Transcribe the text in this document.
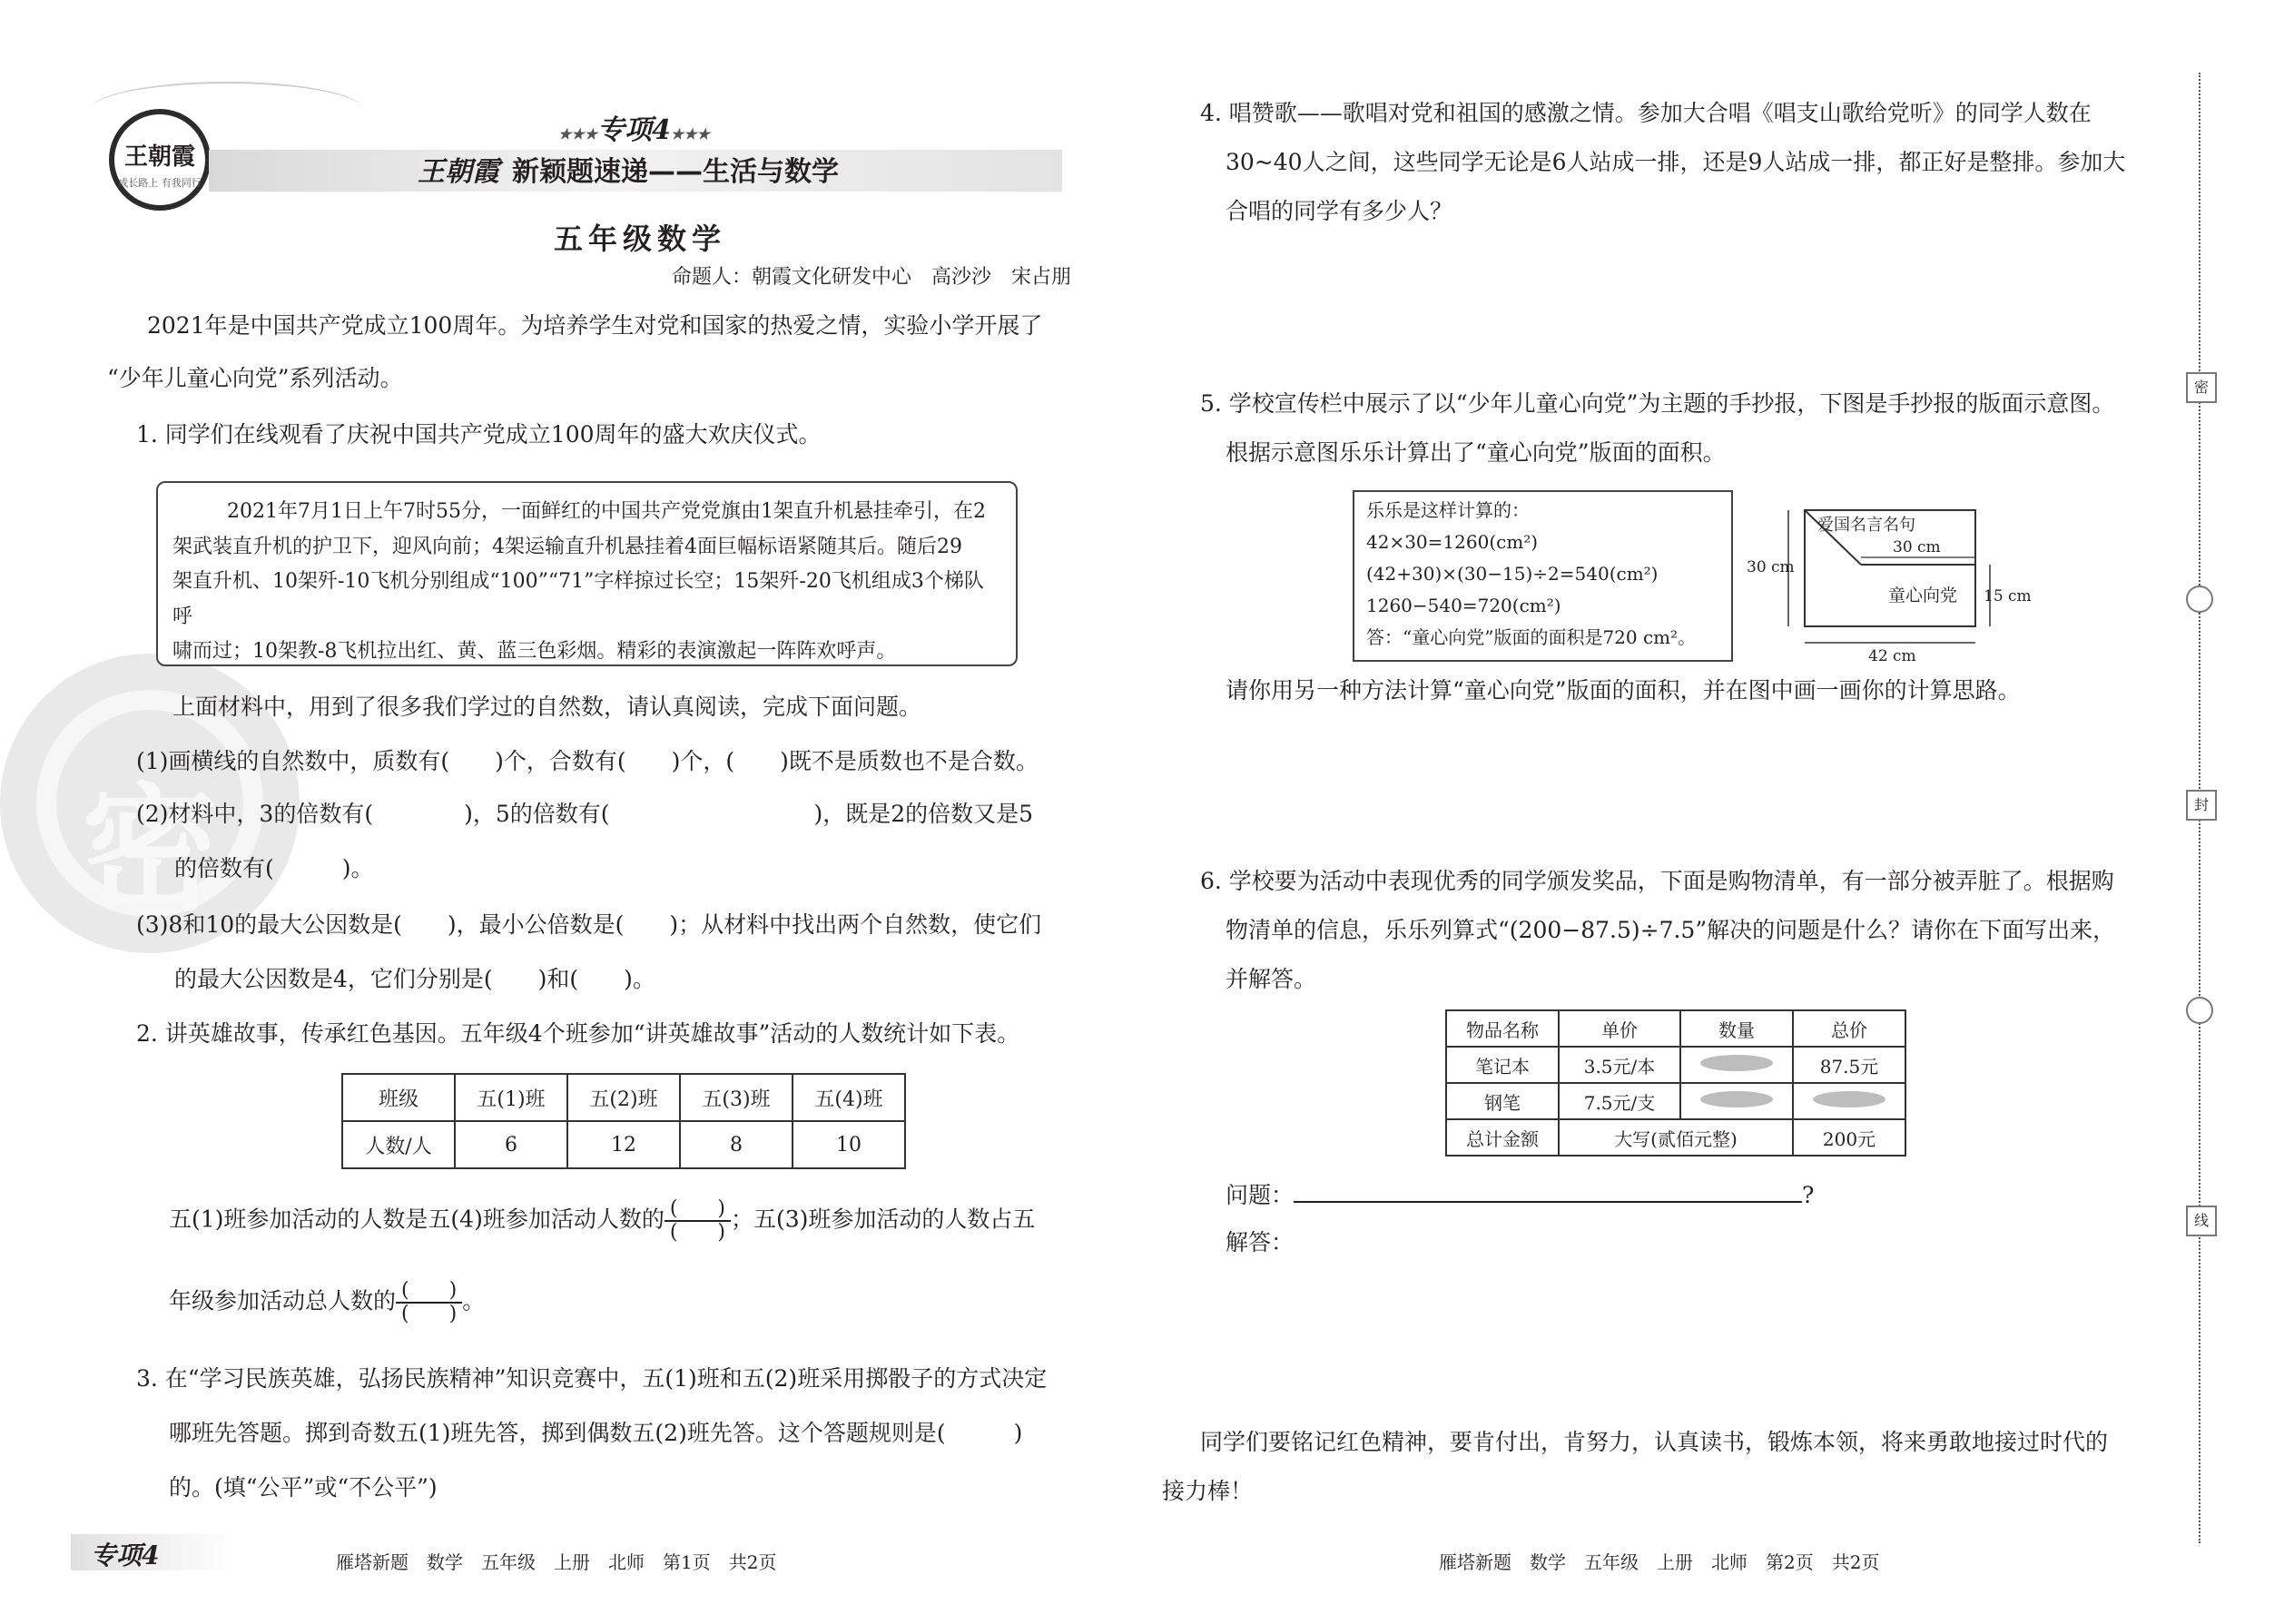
密
王朝霞
成长路上 有我同行
★★★专项4★★★
王朝霞 新颖题速递——生活与数学
五年级数学
命题人：朝霞文化研发中心　高沙沙　宋占朋
2021年是中国共产党成立100周年。为培养学生对党和国家的热爱之情，实验小学开展了
“少年儿童心向党”系列活动。
1. 同学们在线观看了庆祝中国共产党成立100周年的盛大欢庆仪式。
2021年7月1日上午7时55分，一面鲜红的中国共产党党旗由1架直升机悬挂牵引，在2
架武装直升机的护卫下，迎风向前；4架运输直升机悬挂着4面巨幅标语紧随其后。随后29
架直升机、10架歼-10飞机分别组成“100”“71”字样掠过长空；15架歼-20飞机组成3个梯队呼
啸而过；10架教-8飞机拉出红、黄、蓝三色彩烟。精彩的表演激起一阵阵欢呼声。
上面材料中，用到了很多我们学过的自然数，请认真阅读，完成下面问题。
(1)画横线的自然数中，质数有(　　)个，合数有(　　)个，(　　)既不是质数也不是合数。
(2)材料中，3的倍数有(　　　　)，5的倍数有(　　　　　　　　　)，既是2的倍数又是5
的倍数有(　　　)。
(3)8和10的最大公因数是(　　)，最小公倍数是(　　)；从材料中找出两个自然数，使它们
的最大公因数是4，它们分别是(　　)和(　　)。
2. 讲英雄故事，传承红色基因。五年级4个班参加“讲英雄故事”活动的人数统计如下表。
班级	五(1)班	五(2)班	五(3)班	五(4)班
人数/人	6	12	8	10
五(1)班参加活动的人数是五(4)班参加活动人数的 $\frac{( )}{( )}$ ；五(3)班参加活动的人数占五
年级参加活动总人数的 $\frac{( )}{( )}$ 。
3. 在“学习民族英雄，弘扬民族精神”知识竞赛中，五(1)班和五(2)班采用掷骰子的方式决定
哪班先答题。掷到奇数五(1)班先答，掷到偶数五(2)班先答。这个答题规则是(　　　)
的。(填“公平”或“不公平”)
4. 唱赞歌——歌唱对党和祖国的感激之情。参加大合唱《唱支山歌给党听》的同学人数在
30~40人之间，这些同学无论是6人站成一排，还是9人站成一排，都正好是整排。参加大
合唱的同学有多少人？
5. 学校宣传栏中展示了以“少年儿童心向党”为主题的手抄报，下图是手抄报的版面示意图。
根据示意图乐乐计算出了“童心向党”版面的面积。
乐乐是这样计算的：
42×30=1260(cm²)
(42+30)×(30−15)÷2=540(cm²)
1260−540=720(cm²)
答：“童心向党”版面的面积是720 cm²。
爱国名言名句
30 cm
30 cm
童心向党 15 cm
42 cm
请你用另一种方法计算“童心向党”版面的面积，并在图中画一画你的计算思路。
6. 学校要为活动中表现优秀的同学颁发奖品，下面是购物清单，有一部分被弄脏了。根据购
物清单的信息，乐乐列算式“(200−87.5)÷7.5”解决的问题是什么？请你在下面写出来，
并解答。
物品名称	单价	数量	总价
笔记本	3.5元/本		87.5元
钢笔	7.5元/支		
总计金额	大写(贰佰元整)		200元
问题：	?
解答：
同学们要铭记红色精神，要肯付出，肯努力，认真读书，锻炼本领，将来勇敢地接过时代的
接力棒！
密
封
线
专项4	雁塔新题　数学　五年级　上册　北师　第1页　共2页	雁塔新题　数学　五年级　上册　北师　第2页　共2页
